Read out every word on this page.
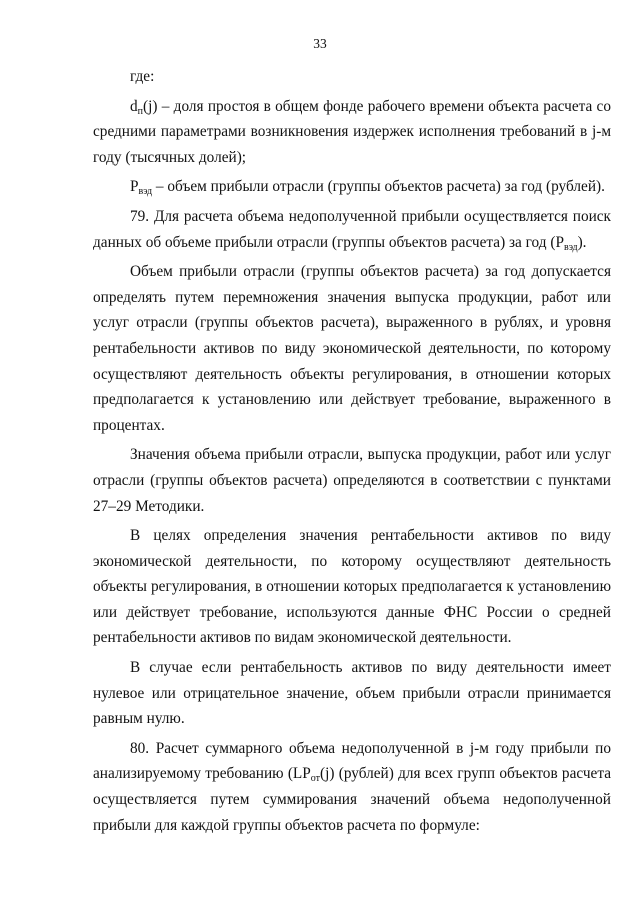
33

где:

$d_п(j)$ – доля простоя в общем фонде рабочего времени объекта расчета со средними параметрами возникновения издержек исполнения требований в j-м году (тысячных долей);

$P_{вэд}$ – объем прибыли отрасли (группы объектов расчета) за год (рублей).

79. Для расчета объема недополученной прибыли осуществляется поиск данных об объеме прибыли отрасли (группы объектов расчета) за год $(P_{вэд})$.

Объем прибыли отрасли (группы объектов расчета) за год допускается определять путем перемножения значения выпуска продукции, работ или услуг отрасли (группы объектов расчета), выраженного в рублях, и уровня рентабельности активов по виду экономической деятельности, по которому осуществляют деятельность объекты регулирования, в отношении которых предполагается к установлению или действует требование, выраженного в процентах.

Значения объема прибыли отрасли, выпуска продукции, работ или услуг отрасли (группы объектов расчета) определяются в соответствии с пунктами 27–29 Методики.

В целях определения значения рентабельности активов по виду экономической деятельности, по которому осуществляют деятельность объекты регулирования, в отношении которых предполагается к установлению или действует требование, используются данные ФНС России о средней рентабельности активов по видам экономической деятельности.

В случае если рентабельность активов по виду деятельности имеет нулевое или отрицательное значение, объем прибыли отрасли принимается равным нулю.

80. Расчет суммарного объема недополученной в j-м году прибыли по анализируемому требованию ($LP_{от}(j)$ (рублей) для всех групп объектов расчета осуществляется путем суммирования значений объема недополученной прибыли для каждой группы объектов расчета по формуле:
